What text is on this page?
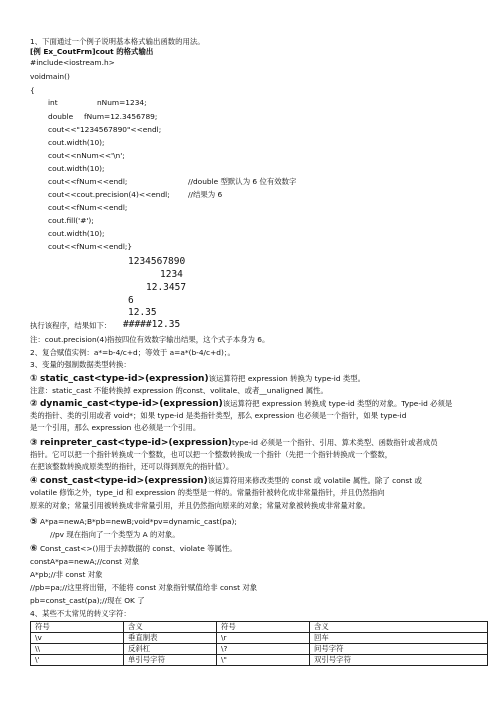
1、下面通过一个例子说明基本格式输出函数的用法。
[例 Ex_CoutFrm]cout 的格式输出
#include<iostream.h>
voidmain()
{
int	nNum=1234;
double fNum=12.3456789;
cout<<"1234567890"<<endl;
cout.width(10);
cout<<nNum<<'\n';
cout.width(10);
cout<<fNum<<endl;	//double 型默认为 6 位有效数字
cout<<cout.precision(4)<<endl; //结果为 6
cout<<fNum<<endl;
cout.fill('#');
cout.width(10);
cout<<fNum<<endl;}
1234567890
1234
12.3457
6
12.35
执行该程序，结果如下： #####12.35
注：cout.precision(4)指按四位有效数字输出结果，这个式子本身为 6。
2、复合赋值实例：a*=b-4/c+d；等效于 a=a*(b-4/c+d)；。
3、变量的强制数据类型转换：
① static_cast<type-id>(expression)该运算符把 expression 转换为 type-id 类型。
注意：static_cast 不能转换掉 expression 的const、volitale、或者__unaligned 属性。
② dynamic_cast<type-id>(expression)该运算符把 expression 转换成 type-id 类型的对象。Type-id 必须是
类的指针、类的引用或者 void*；如果 type-id 是类指针类型，那么 expression 也必须是一个指针，如果 type-id
是一个引用，那么 expression 也必须是一个引用。
③ reinpreter_cast<type-id>(expression)type-id 必须是一个指针、引用、算术类型、函数指针或者成员
指针。它可以把一个指针转换成一个整数，也可以把一个整数转换成一个指针（先把一个指针转换成一个整数，
在把该整数转换成原类型的指针，还可以得到原先的指针值）。
④ const_cast<type-id>(expression)该运算符用来修改类型的 const 或 volatile 属性。除了 const 或
volatile 修饰之外，type_id 和 expression 的类型是一样的。常量指针被转化成非常量指针，并且仍然指向
原来的对象；常量引用被转换成非常量引用，并且仍然指向原来的对象；常量对象被转换成非常量对象。
⑤ A*pa=newA;B*pb=newB;void*pv=dynamic_cast(pa);
//pv 现在指向了一个类型为 A 的对象。
⑥ Const_cast<>()用于去掉数据的 const、violate 等属性。
constA*pa=newA;//const 对象
A*pb;//非 const 对象
//pb=pa;//这里将出错，不能将 const 对象指针赋值给非 const 对象
pb=const_cast(pa);//现在 OK 了
4、某些不太常见的转义字符：
符号	含义	符号	含义
\v	垂直制表	\r	回车
\\	反斜杠	\?	问号字符
\'	单引号字符	\"	双引号字符
